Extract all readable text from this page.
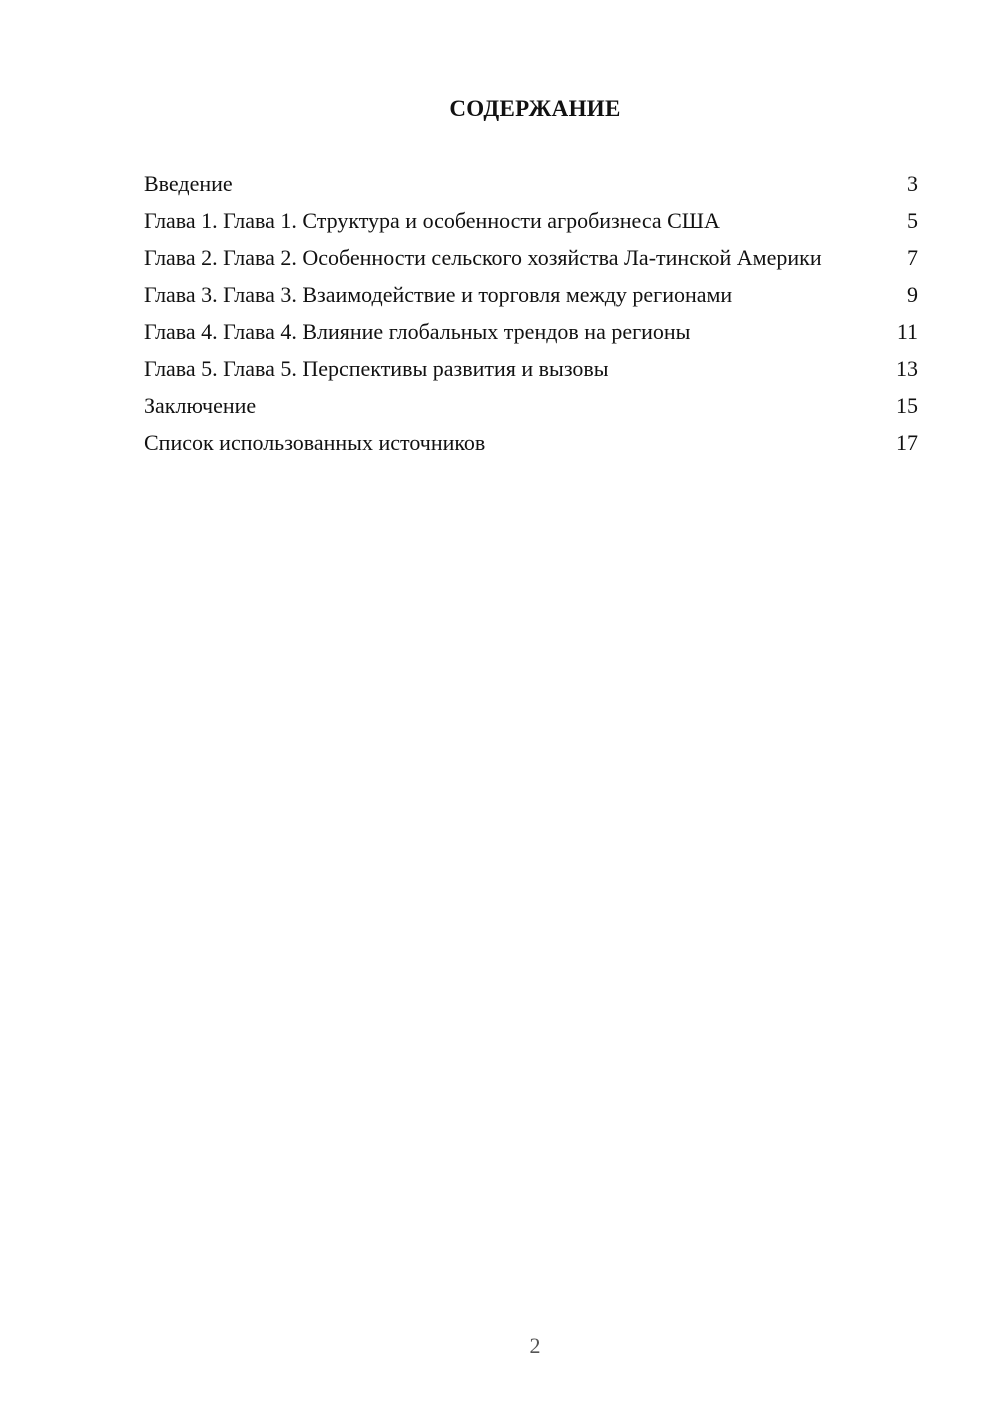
СОДЕРЖАНИЕ
Введение	3
Глава 1. Глава 1. Структура и особенности агробизнеса США	5
Глава 2. Глава 2. Особенности сельского хозяйства Ла-тинской Америки	7
Глава 3. Глава 3. Взаимодействие и торговля между регионами	9
Глава 4. Глава 4. Влияние глобальных трендов на регионы	11
Глава 5. Глава 5. Перспективы развития и вызовы	13
Заключение	15
Список использованных источников	17
2
